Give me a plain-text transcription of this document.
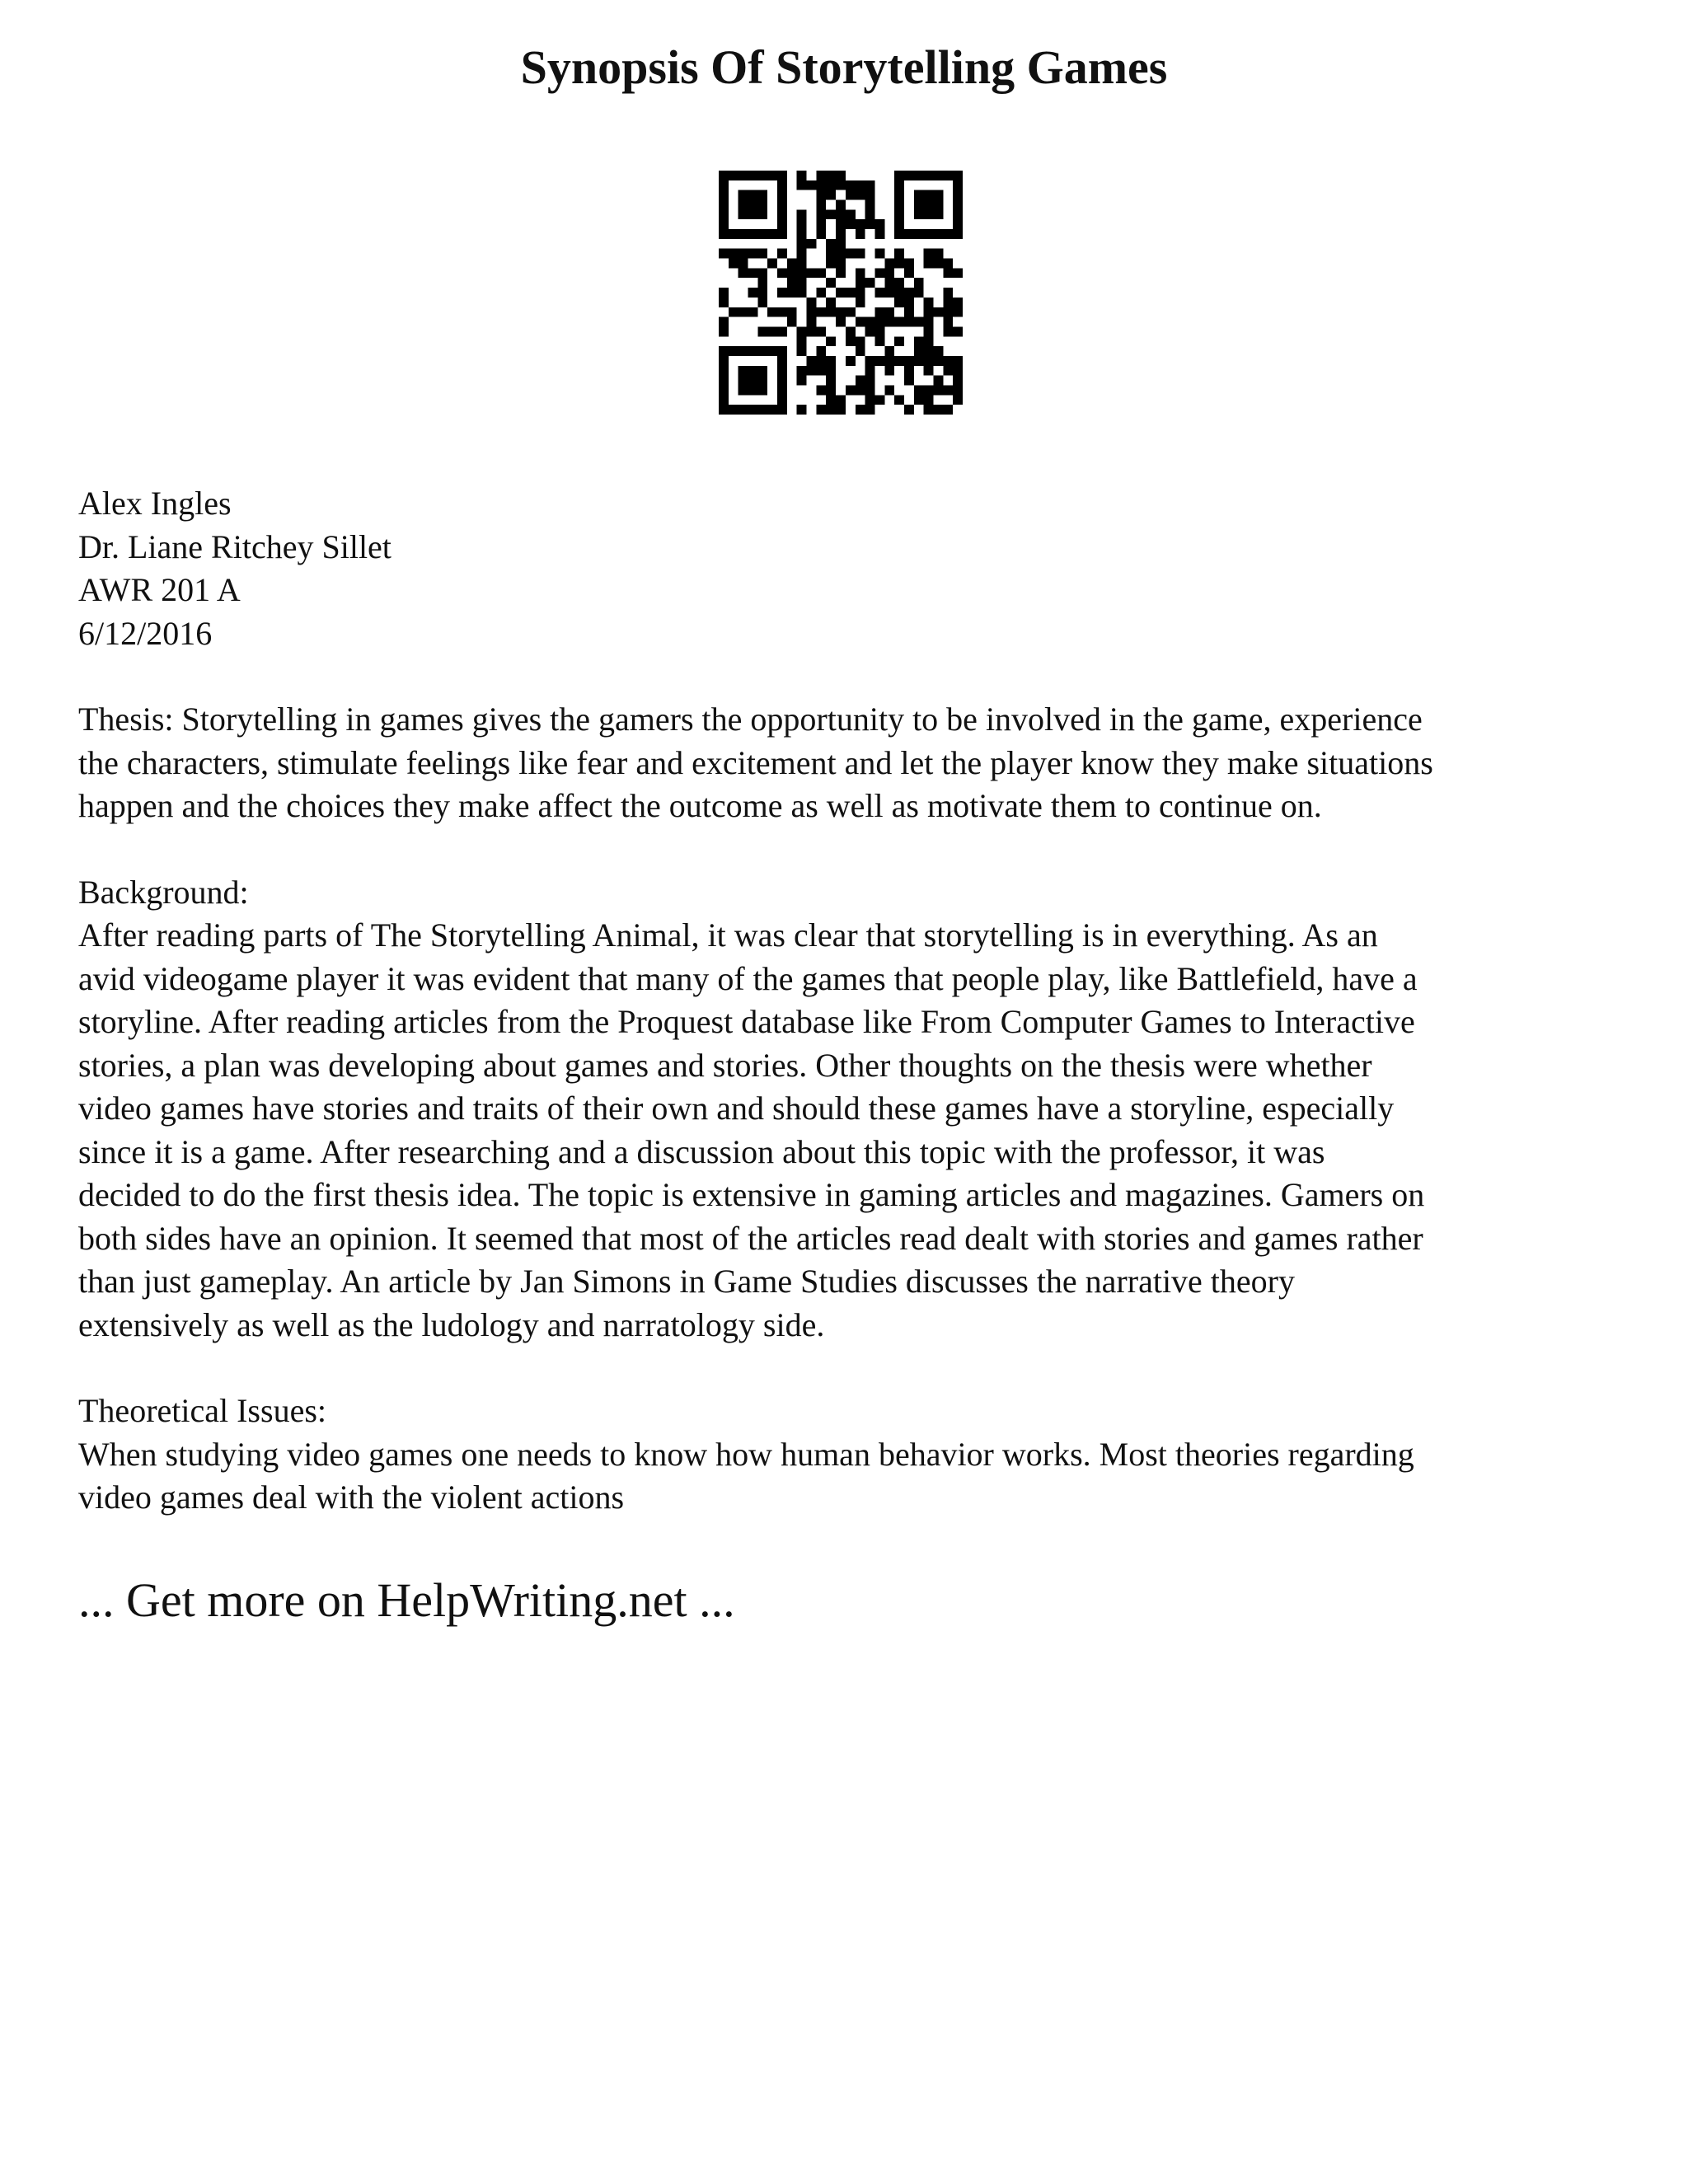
Synopsis Of Storytelling Games
Alex Ingles
Dr. Liane Ritchey Sillet
AWR 201 A
6/12/2016
Thesis: Storytelling in games gives the gamers the opportunity to be involved in the game, experience
the characters, stimulate feelings like fear and excitement and let the player know they make situations
happen and the choices they make affect the outcome as well as motivate them to continue on.
Background:
After reading parts of The Storytelling Animal, it was clear that storytelling is in everything. As an
avid videogame player it was evident that many of the games that people play, like Battlefield, have a
storyline. After reading articles from the Proquest database like From Computer Games to Interactive
stories, a plan was developing about games and stories. Other thoughts on the thesis were whether
video games have stories and traits of their own and should these games have a storyline, especially
since it is a game. After researching and a discussion about this topic with the professor, it was
decided to do the first thesis idea. The topic is extensive in gaming articles and magazines. Gamers on
both sides have an opinion. It seemed that most of the articles read dealt with stories and games rather
than just gameplay. An article by Jan Simons in Game Studies discusses the narrative theory
extensively as well as the ludology and narratology side.
Theoretical Issues:
When studying video games one needs to know how human behavior works. Most theories regarding
video games deal with the violent actions
... Get more on HelpWriting.net ...
